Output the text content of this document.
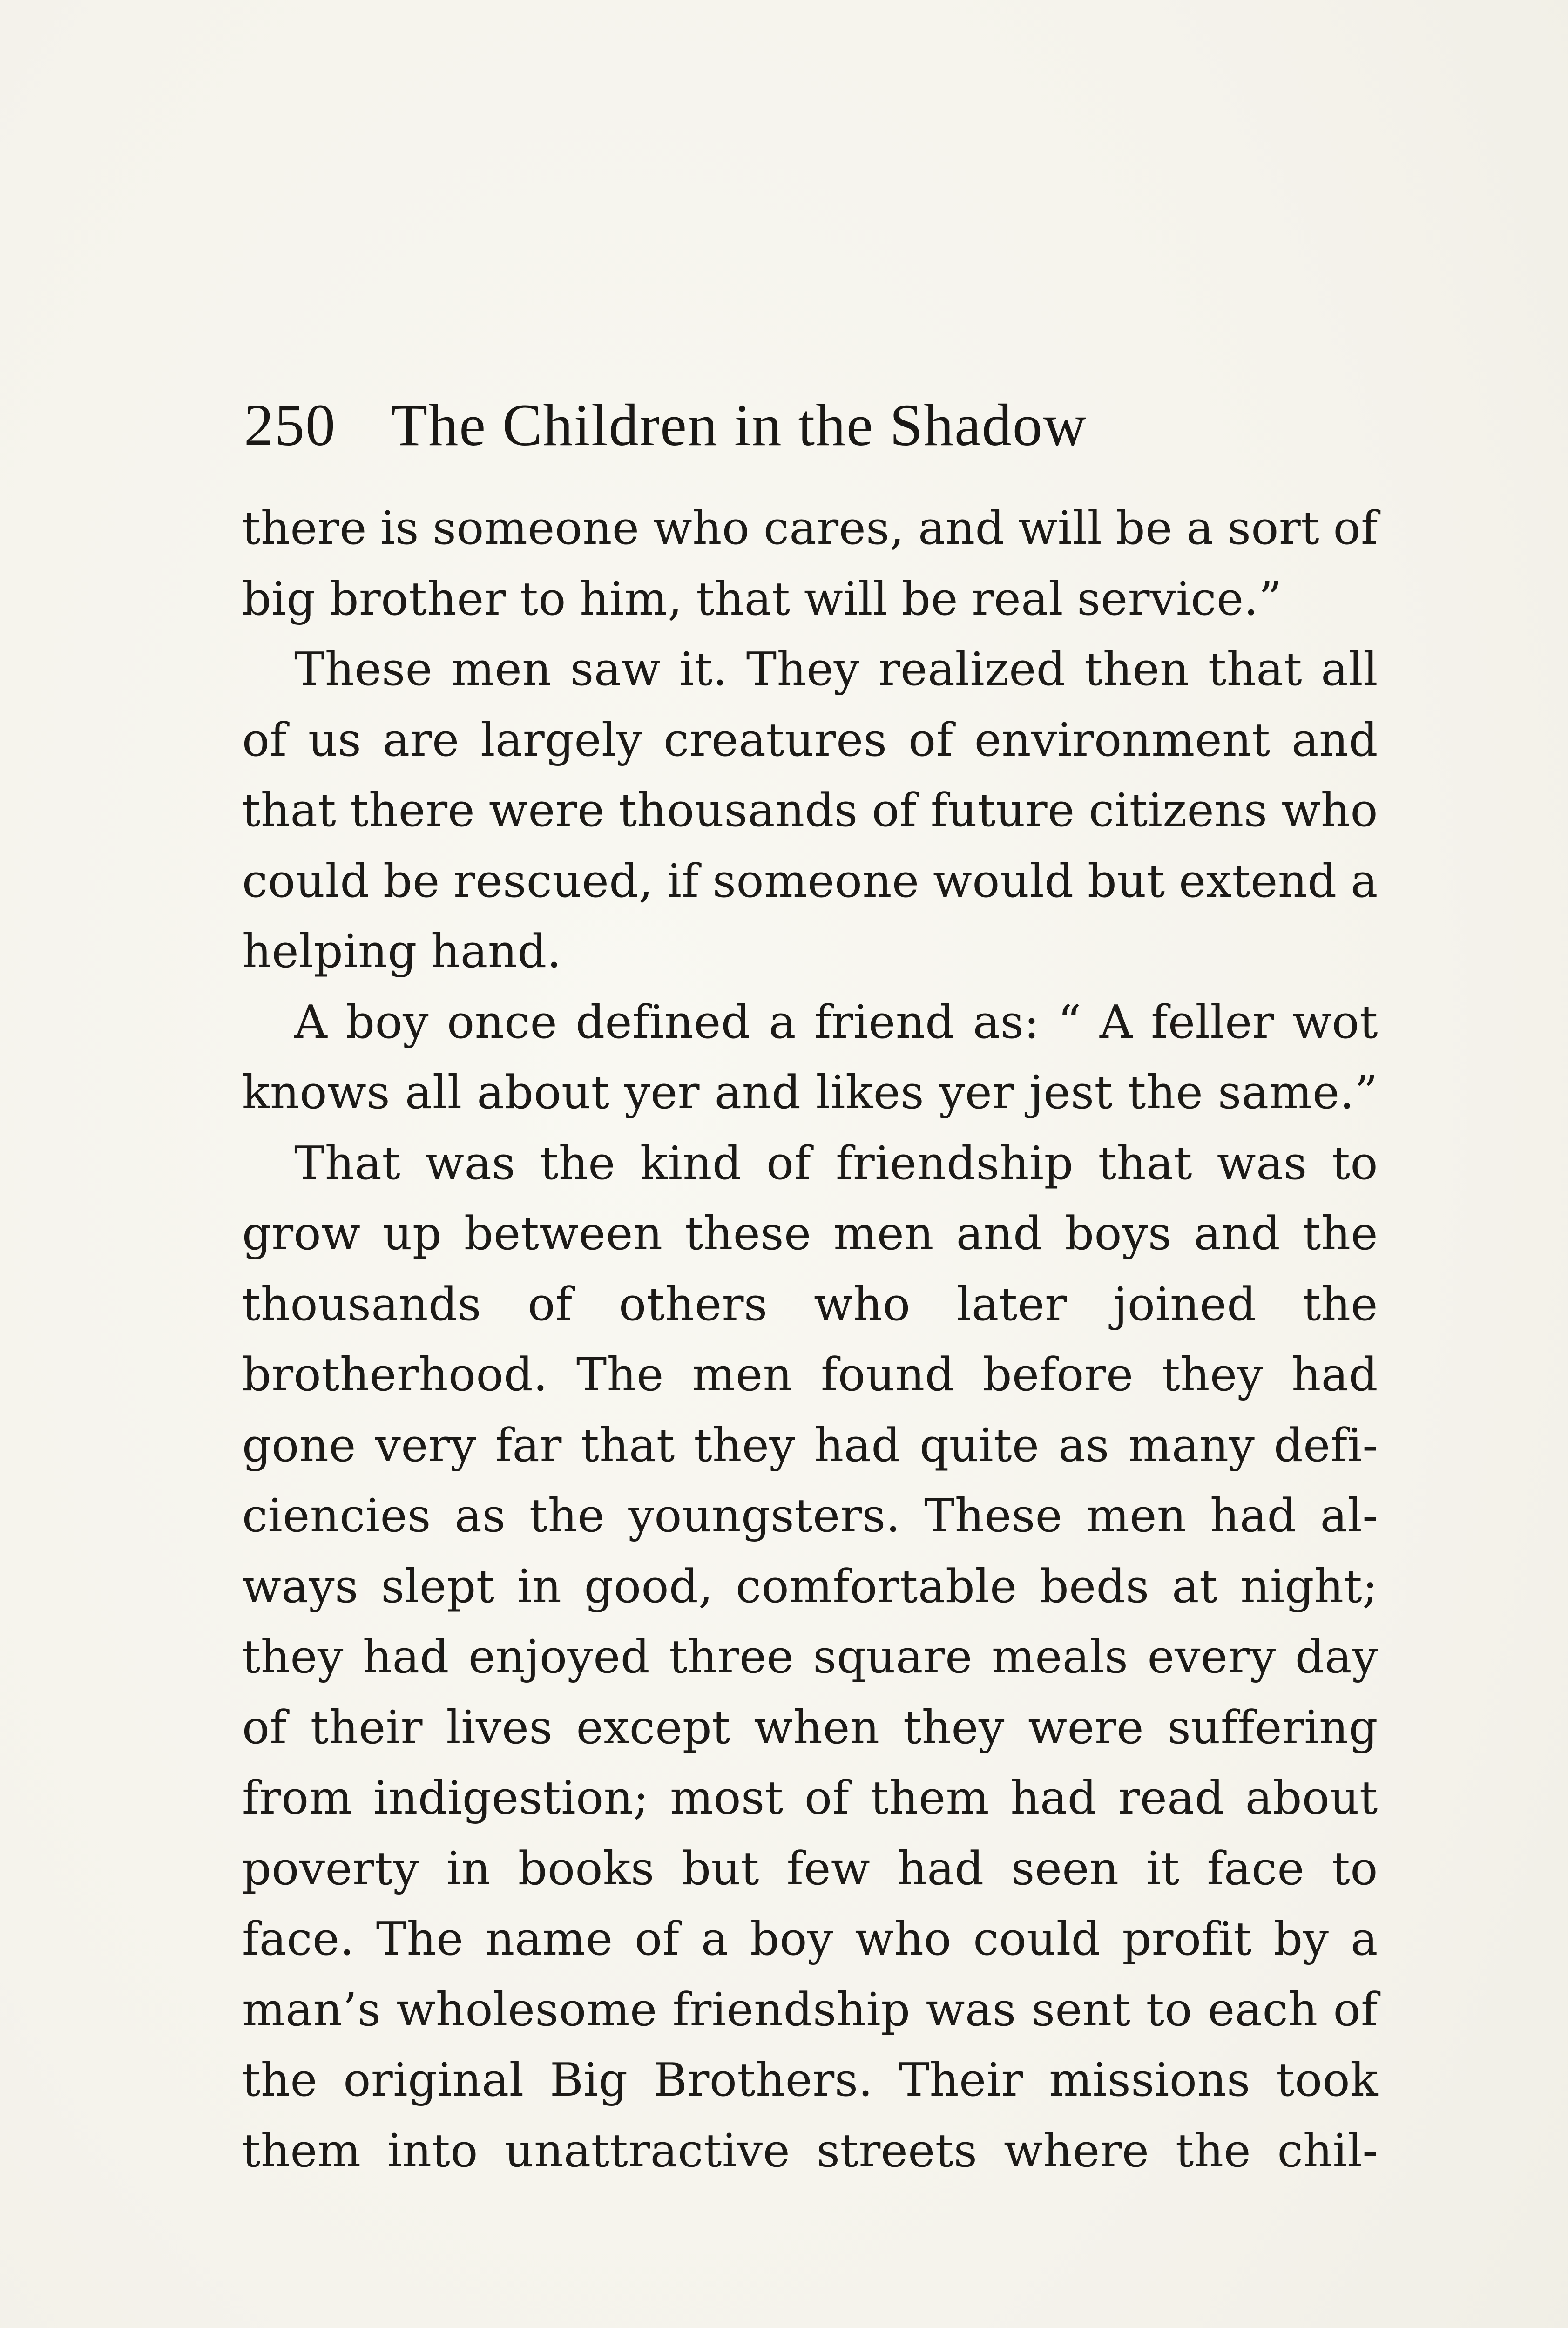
250 The Children in the Shadow
there is someone who cares, and will be a sort of
big brother to him, that will be real service.”
These men saw it. They realized then that all
of us are largely creatures of environment and
that there were thousands of future citizens who
could be rescued, if someone would but extend a
helping hand.
A boy once defined a friend as: “ A feller wot
knows all about yer and likes yer jest the same.”
That was the kind of friendship that was to
grow up between these men and boys and the
thousands of others who later joined the
brotherhood. The men found before they had
gone very far that they had quite as many defi-
ciencies as the youngsters. These men had al-
ways slept in good, comfortable beds at night;
they had enjoyed three square meals every day
of their lives except when they were suffering
from indigestion; most of them had read about
poverty in books but few had seen it face to
face. The name of a boy who could profit by a
man’s wholesome friendship was sent to each of
the original Big Brothers. Their missions took
them into unattractive streets where the chil-
